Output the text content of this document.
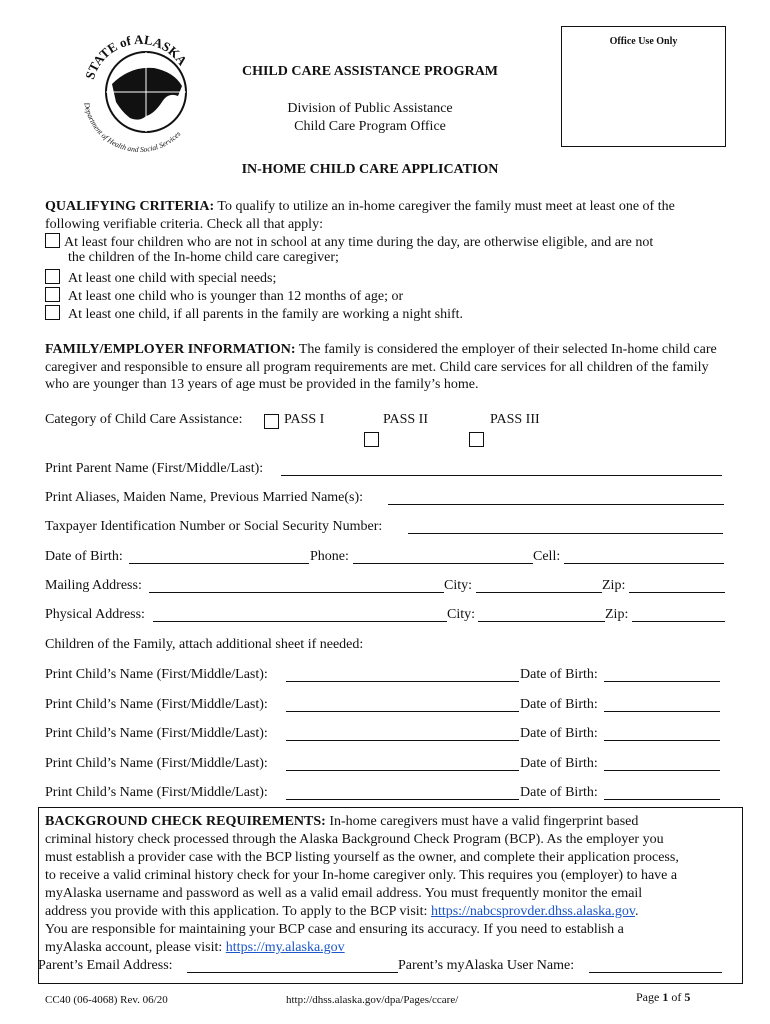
STATE of ALASKA
Department of Health and Social Services
Office Use Only
CHILD CARE ASSISTANCE PROGRAM
Division of Public Assistance
Child Care Program Office
IN-HOME CHILD CARE APPLICATION
QUALIFYING CRITERIA: To qualify to utilize an in-home caregiver the family must meet at least one of the following verifiable criteria. Check all that apply:
At least four children who are not in school at any time during the day, are otherwise eligible, and are not
the children of the In-home child care caregiver;
At least one child with special needs;
At least one child who is younger than 12 months of age; or
At least one child, if all parents in the family are working a night shift.
FAMILY/EMPLOYER INFORMATION: The family is considered the employer of their selected In-home child care caregiver and responsible to ensure all program requirements are met. Child care services for all children of the family who are younger than 13 years of age must be provided in the family’s home.
Category of Child Care Assistance:	PASS I	PASS II	PASS III
Print Parent Name (First/Middle/Last):
Print Aliases, Maiden Name, Previous Married Name(s):
Taxpayer Identification Number or Social Security Number:
Date of Birth:	Phone:	Cell:
Mailing Address:	City:	Zip:
Physical Address:	City:	Zip:
Children of the Family, attach additional sheet if needed:
Print Child’s Name (First/Middle/Last):	Date of Birth:
Print Child’s Name (First/Middle/Last):	Date of Birth:
Print Child’s Name (First/Middle/Last):	Date of Birth:
Print Child’s Name (First/Middle/Last):	Date of Birth:
Print Child’s Name (First/Middle/Last):	Date of Birth:
BACKGROUND CHECK REQUIREMENTS: In-home caregivers must have a valid fingerprint based
criminal history check processed through the Alaska Background Check Program (BCP). As the employer you
must establish a provider case with the BCP listing yourself as the owner, and complete their application process,
to receive a valid criminal history check for your In-home caregiver only. This requires you (employer) to have a
myAlaska username and password as well as a valid email address. You must frequently monitor the email
address you provide with this application. To apply to the BCP visit: https://nabcsprovder.dhss.alaska.gov.
You are responsible for maintaining your BCP case and ensuring its accuracy. If you need to establish a
myAlaska account, please visit: https://my.alaska.gov
Parent’s Email Address:	Parent’s myAlaska User Name:
CC40 (06-4068) Rev. 06/20	http://dhss.alaska.gov/dpa/Pages/ccare/	Page 1 of 5
